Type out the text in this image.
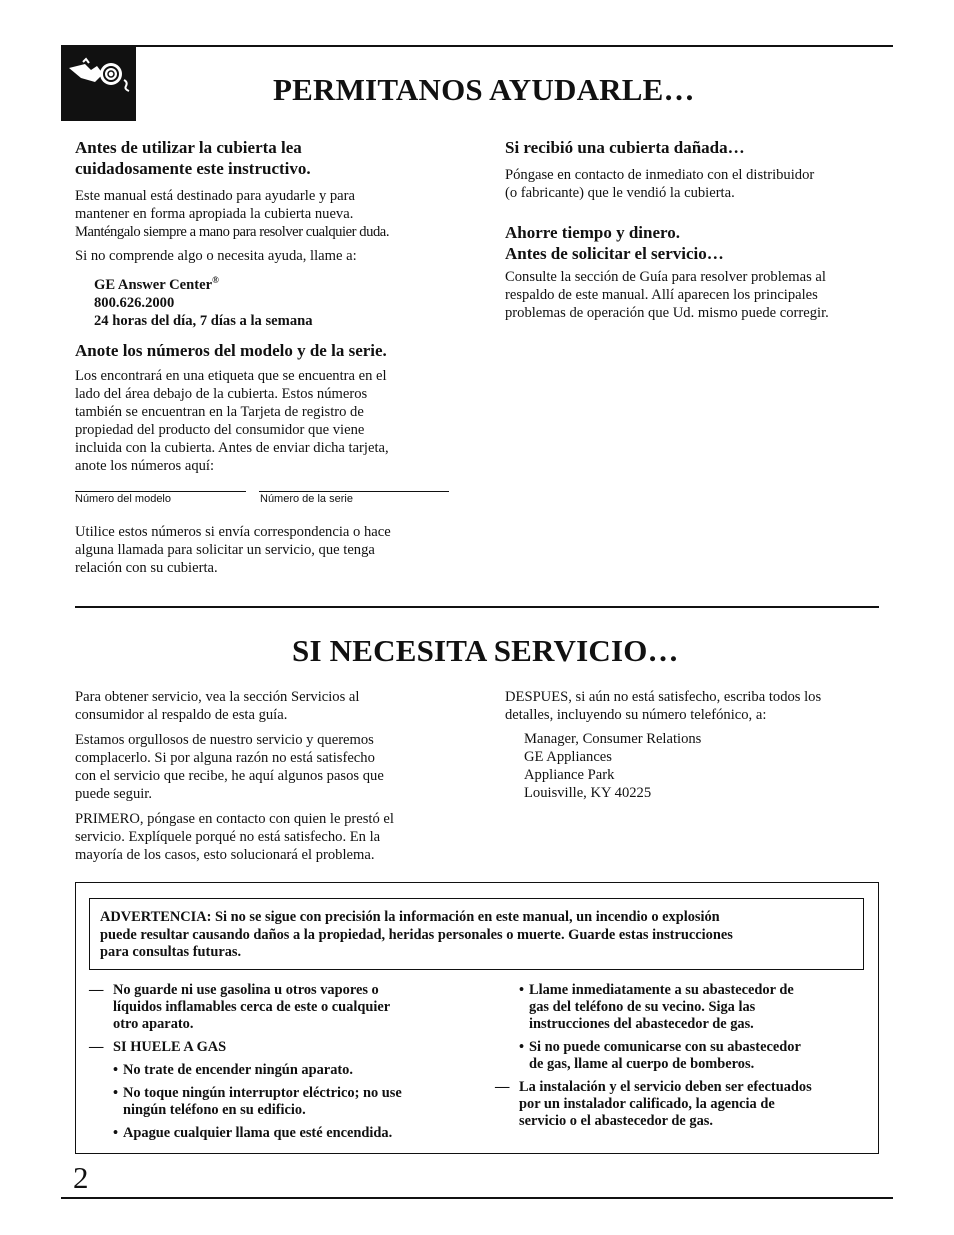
PERMITANOS AYUDARLE…
Antes de utilizar la cubierta lea
cuidadosamente este instructivo.
Este manual está destinado para ayudarle y para
mantener en forma apropiada la cubierta nueva.
Manténgalo siempre a mano para resolver cualquier duda.
Si no comprende algo o necesita ayuda, llame a:
GE Answer Center®
800.626.2000
24 horas del día, 7 días a la semana
Anote los números del modelo y de la serie.
Los encontrará en una etiqueta que se encuentra en el
lado del área debajo de la cubierta. Estos números
también se encuentran en la Tarjeta de registro de
propiedad del producto del consumidor que viene
incluida con la cubierta. Antes de enviar dicha tarjeta,
anote los números aquí:
Número del modelo	Número de la serie
Utilice estos números si envía correspondencia o hace
alguna llamada para solicitar un servicio, que tenga
relación con su cubierta.
Si recibió una cubierta dañada…
Póngase en contacto de inmediato con el distribuidor
(o fabricante) que le vendió la cubierta.
Ahorre tiempo y dinero.
Antes de solicitar el servicio…
Consulte la sección de Guía para resolver problemas al
respaldo de este manual. Allí aparecen los principales
problemas de operación que Ud. mismo puede corregir.
SI NECESITA SERVICIO…
Para obtener servicio, vea la sección Servicios al
consumidor al respaldo de esta guía.
Estamos orgullosos de nuestro servicio y queremos
complacerlo. Si por alguna razón no está satisfecho
con el servicio que recibe, he aquí algunos pasos que
puede seguir.
PRIMERO, póngase en contacto con quien le prestó el
servicio. Explíquele porqué no está satisfecho. En la
mayoría de los casos, esto solucionará el problema.
DESPUES, si aún no está satisfecho, escriba todos los
detalles, incluyendo su número telefónico, a:
Manager, Consumer Relations
GE Appliances
Appliance Park
Louisville, KY 40225
ADVERTENCIA: Si no se sigue con precisión la información en este manual, un incendio o explosión
puede resultar causando daños a la propiedad, heridas personales o muerte. Guarde estas instrucciones
para consultas futuras.
— No guarde ni use gasolina u otros vapores o
líquidos inflamables cerca de este o cualquier
otro aparato.
— SI HUELE A GAS
• No trate de encender ningún aparato.
• No toque ningún interruptor eléctrico; no use
ningún teléfono en su edificio.
• Apague cualquier llama que esté encendida.
• Llame inmediatamente a su abastecedor de
gas del teléfono de su vecino. Siga las
instrucciones del abastecedor de gas.
• Si no puede comunicarse con su abastecedor
de gas, llame al cuerpo de bomberos.
— La instalación y el servicio deben ser efectuados
por un instalador calificado, la agencia de
servicio o el abastecedor de gas.
2
